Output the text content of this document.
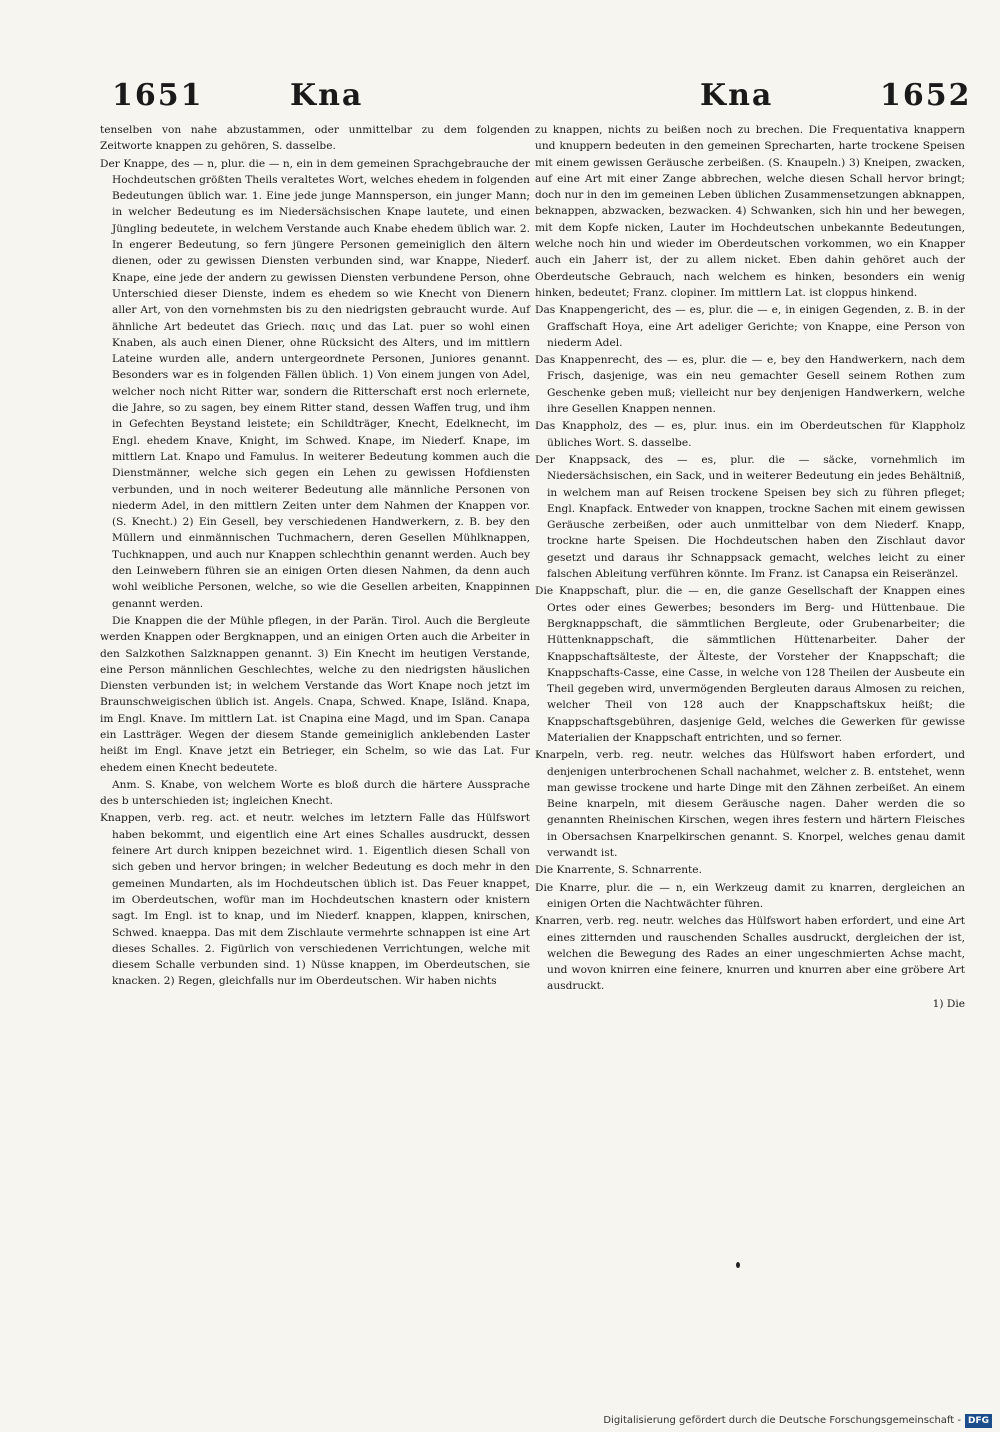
1651	Kna	Kna	1652

tenselben von nahe abzustammen, oder unmittelbar zu dem folgenden Zeitworte knappen zu gehören, S. dasselbe.

Der Knappe, des — n, plur. die — n, ein in dem gemeinen Sprachgebrauche der Hochdeutschen größten Theils veraltetes Wort, welches ehedem in folgenden Bedeutungen üblich war. 1. Eine jede junge Mannsperson, ein junger Mann; in welcher Bedeutung es im Niedersächsischen Knape lautete, und einen Jüngling bedeutete, in welchem Verstande auch Knabe ehedem üblich war. 2. In engerer Bedeutung, so fern jüngere Personen gemeiniglich den ältern dienen, oder zu gewissen Diensten verbunden sind, war Knappe, Niederf. Knape, eine jede der andern zu gewissen Diensten verbundene Person, ohne Unterschied dieser Dienste, indem es ehedem so wie Knecht von Dienern aller Art, von den vornehmsten bis zu den niedrigsten gebraucht wurde. Auf ähnliche Art bedeutet das Griech. παις und das Lat. puer so wohl einen Knaben, als auch einen Diener, ohne Rücksicht des Alters, und im mittlern Lateine wurden alle, andern untergeordnete Personen, Juniores genannt. Besonders war es in folgenden Fällen üblich. 1) Von einem jungen von Adel, welcher noch nicht Ritter war, sondern die Ritterschaft erst noch erlernete, die Jahre, so zu sagen, bey einem Ritter stand, dessen Waffen trug, und ihm in Gefechten Beystand leistete; ein Schildträger, Knecht, Edelknecht, im Engl. ehedem Knave, Knight, im Schwed. Knape, im Niederf. Knape, im mittlern Lat. Knapo und Famulus. In weiterer Bedeutung kommen auch die Dienstmänner, welche sich gegen ein Lehen zu gewissen Hofdiensten verbunden, und in noch weiterer Bedeutung alle männliche Personen von niederm Adel, in den mittlern Zeiten unter dem Nahmen der Knappen vor. (S. Knecht.) 2) Ein Gesell, bey verschiedenen Handwerkern, z. B. bey den Müllern und einmännischen Tuchmachern, deren Gesellen Mühlknappen, Tuchknappen, und auch nur Knappen schlechthin genannt werden. Auch bey den Leinwebern führen sie an einigen Orten diesen Nahmen, da denn auch wohl weibliche Personen, welche, so wie die Gesellen arbeiten, Knappinnen genannt werden.

Die Knappen die der Mühle pflegen, in der Parän. Tirol. Auch die Bergleute werden Knappen oder Bergknappen, und an einigen Orten auch die Arbeiter in den Salzkothen Salzknappen genannt. 3) Ein Knecht im heutigen Verstande, eine Person männlichen Geschlechtes, welche zu den niedrigsten häuslichen Diensten verbunden ist; in welchem Verstande das Wort Knape noch jetzt im Braunschweigischen üblich ist. Angels. Cnapa, Schwed. Knape, Isländ. Knapa, im Engl. Knave. Im mittlern Lat. ist Cnapina eine Magd, und im Span. Canapa ein Lastträger. Wegen der diesem Stande gemeiniglich anklebenden Laster heißt im Engl. Knave jetzt ein Betrieger, ein Schelm, so wie das Lat. Fur ehedem einen Knecht bedeutete.

Anm. S. Knabe, von welchem Worte es bloß durch die härtere Aussprache des b unterschieden ist; ingleichen Knecht.

Knappen, verb. reg. act. et neutr. welches im letztern Falle das Hülfswort haben bekommt, und eigentlich eine Art eines Schalles ausdruckt, dessen feinere Art durch knippen bezeichnet wird. 1. Eigentlich diesen Schall von sich geben und hervor bringen; in welcher Bedeutung es doch mehr in den gemeinen Mundarten, als im Hochdeutschen üblich ist. Das Feuer knappet, im Oberdeutschen, wofür man im Hochdeutschen knastern oder knistern sagt. Im Engl. ist to knap, und im Niederf. knappen, klappen, knirschen, Schwed. knaeppa. Das mit dem Zischlaute vermehrte schnappen ist eine Art dieses Schalles. 2. Figürlich von verschiedenen Verrichtungen, welche mit diesem Schalle verbunden sind. 1) Nüsse knappen, im Oberdeutschen, sie knacken. 2) Regen, gleichfalls nur im Oberdeutschen. Wir haben nichts

zu knappen, nichts zu beißen noch zu brechen. Die Frequentativa knappern und knuppern bedeuten in den gemeinen Sprecharten, harte trockene Speisen mit einem gewissen Geräusche zerbeißen. (S. Knaupeln.) 3) Kneipen, zwacken, auf eine Art mit einer Zange abbrechen, welche diesen Schall hervor bringt; doch nur in den im gemeinen Leben üblichen Zusammensetzungen abknappen, beknappen, abzwacken, bezwacken. 4) Schwanken, sich hin und her bewegen, mit dem Kopfe nicken, Lauter im Hochdeutschen unbekannte Bedeutungen, welche noch hin und wieder im Oberdeutschen vorkommen, wo ein Knapper auch ein Jaherr ist, der zu allem nicket. Eben dahin gehöret auch der Oberdeutsche Gebrauch, nach welchem es hinken, besonders ein wenig hinken, bedeutet; Franz. clopiner. Im mittlern Lat. ist cloppus hinkend.

Das Knappengericht, des — es, plur. die — e, in einigen Gegenden, z. B. in der Graffschaft Hoya, eine Art adeliger Gerichte; von Knappe, eine Person von niederm Adel.

Das Knappenrecht, des — es, plur. die — e, bey den Handwerkern, nach dem Frisch, dasjenige, was ein neu gemachter Gesell seinem Rothen zum Geschenke geben muß; vielleicht nur bey denjenigen Handwerkern, welche ihre Gesellen Knappen nennen.

Das Knappholz, des — es, plur. inus. ein im Oberdeutschen für Klappholz übliches Wort. S. dasselbe.

Der Knappsack, des — es, plur. die — säcke, vornehmlich im Niedersächsischen, ein Sack, und in weiterer Bedeutung ein jedes Behältniß, in welchem man auf Reisen trockene Speisen bey sich zu führen pfleget; Engl. Knapfack. Entweder von knappen, trockne Sachen mit einem gewissen Geräusche zerbeißen, oder auch unmittelbar von dem Niederf. Knapp, trockne harte Speisen. Die Hochdeutschen haben den Zischlaut davor gesetzt und daraus ihr Schnappsack gemacht, welches leicht zu einer falschen Ableitung verführen könnte. Im Franz. ist Canapsa ein Reiseränzel.

Die Knappschaft, plur. die — en, die ganze Gesellschaft der Knappen eines Ortes oder eines Gewerbes; besonders im Berg- und Hüttenbaue. Die Bergknappschaft, die sämmtlichen Bergleute, oder Grubenarbeiter; die Hüttenknappschaft, die sämmtlichen Hüttenarbeiter. Daher der Knappschaftsälteste, der Älteste, der Vorsteher der Knappschaft; die Knappschafts-Casse, eine Casse, in welche von 128 Theilen der Ausbeute ein Theil gegeben wird, unvermögenden Bergleuten daraus Almosen zu reichen, welcher Theil von 128 auch der Knappschaftskux heißt; die Knappschaftsgebühren, dasjenige Geld, welches die Gewerken für gewisse Materialien der Knappschaft entrichten, und so ferner.

Knarpeln, verb. reg. neutr. welches das Hülfswort haben erfordert, und denjenigen unterbrochenen Schall nachahmet, welcher z. B. entstehet, wenn man gewisse trockene und harte Dinge mit den Zähnen zerbeißet. An einem Beine knarpeln, mit diesem Geräusche nagen. Daher werden die so genannten Rheinischen Kirschen, wegen ihres festern und härtern Fleisches in Obersachsen Knarpelkirschen genannt. S. Knorpel, welches genau damit verwandt ist.

Die Knarrente, S. Schnarrente.

Die Knarre, plur. die — n, ein Werkzeug damit zu knarren, dergleichen an einigen Orten die Nachtwächter führen.

Knarren, verb. reg. neutr. welches das Hülfswort haben erfordert, und eine Art eines zitternden und rauschenden Schalles ausdruckt, dergleichen der ist, welchen die Bewegung des Rades an einer ungeschmierten Achse macht, und wovon knirren eine feinere, knurren und knurren aber eine gröbere Art ausdruckt.

1) Die

Digitalisierung gefördert durch die Deutsche Forschungsgemeinschaft - DFG
